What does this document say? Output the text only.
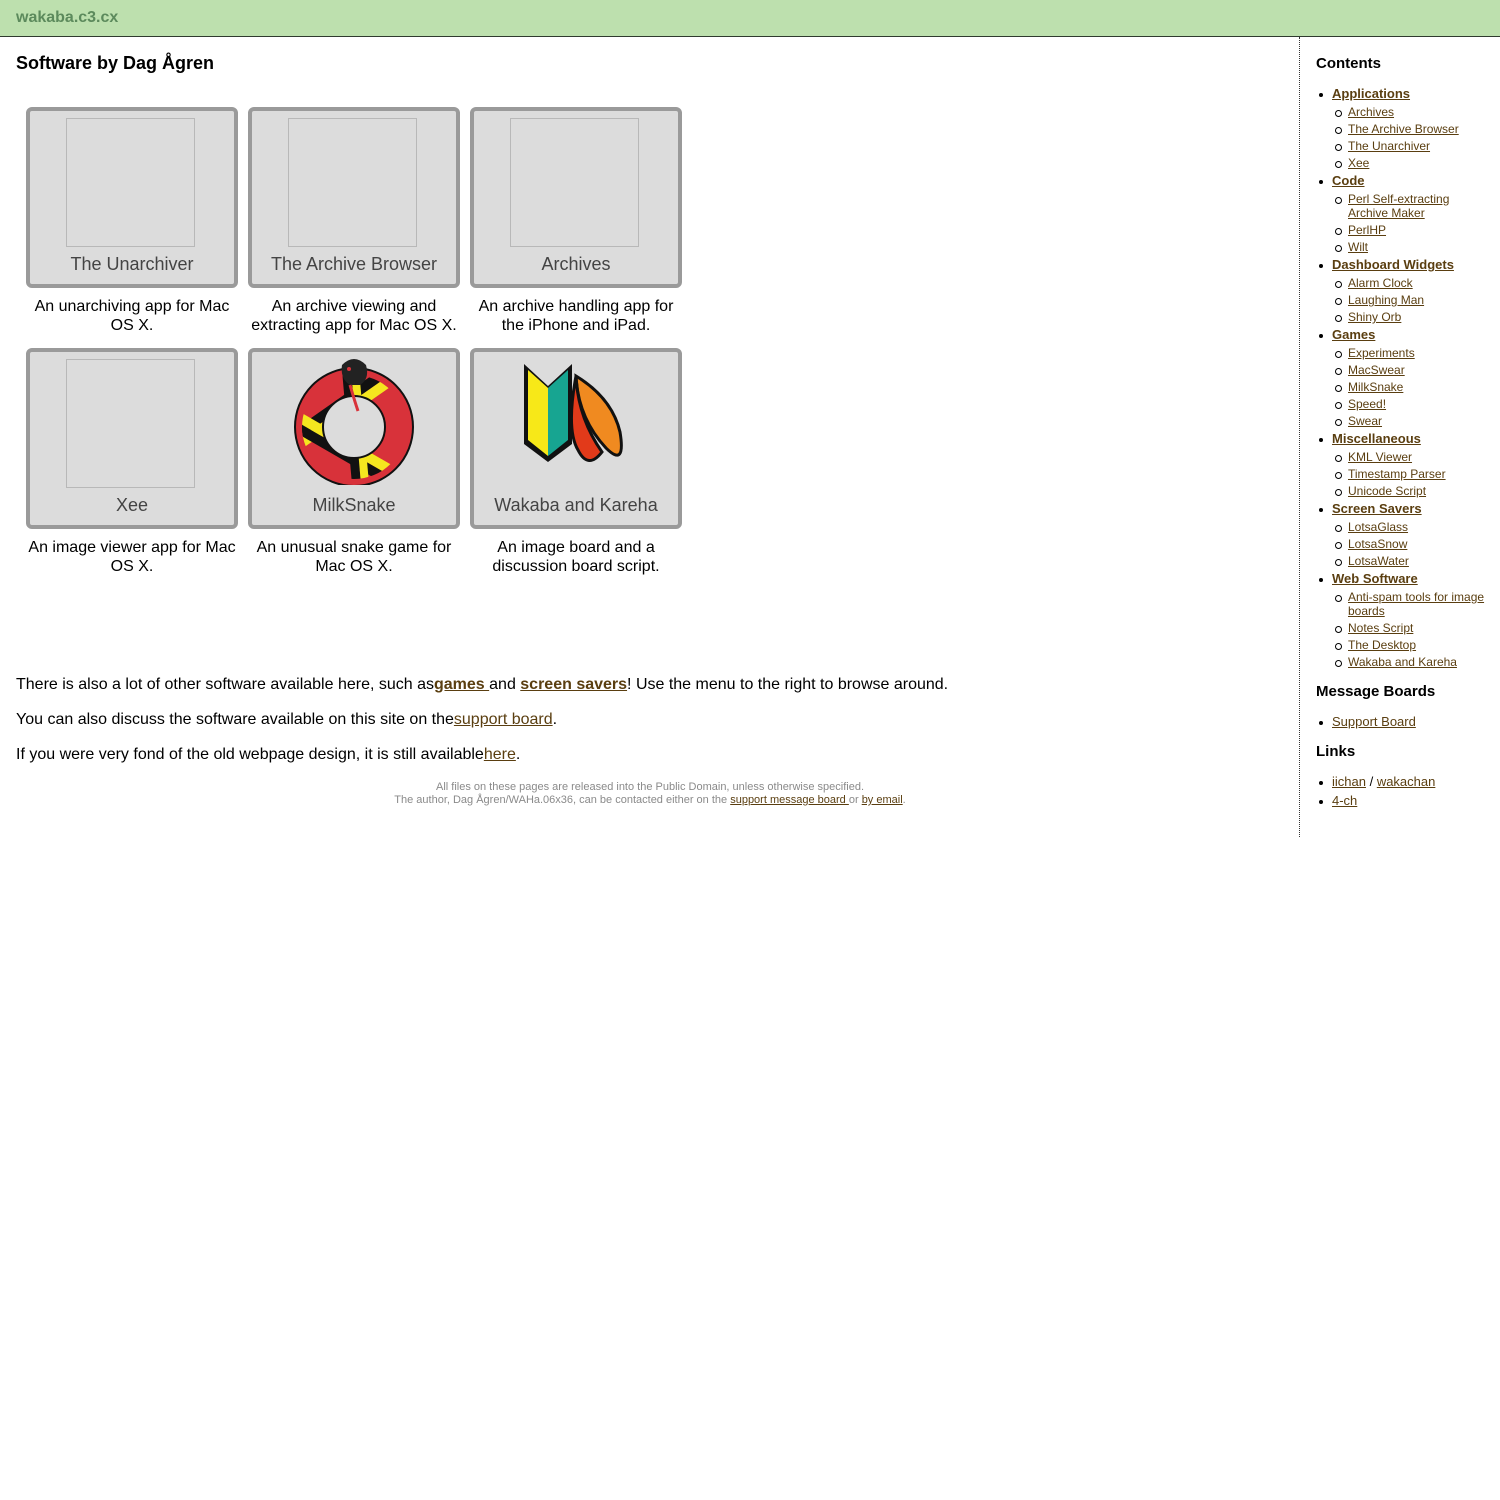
wakaba.c3.cx
Software by Dag Ågren
The Unarchiver
An unarchiving app for Mac OS X.
The Archive Browser
An archive viewing and extracting app for Mac OS X.
Archives
An archive handling app for the iPhone and iPad.
Xee
An image viewer app for Mac OS X.
MilkSnake
An unusual snake game for Mac OS X.
Wakaba and Kareha
An image board and a discussion board script.
There is also a lot of other software available here, such asgames and screen savers! Use the menu to the right to browse around.
You can also discuss the software available on this site on thesupport board.
If you were very fond of the old webpage design, it is still availablehere.
All files on these pages are released into the Public Domain, unless otherwise specified.
The author, Dag Ågren/WAHa.06x36, can be contacted either on the support message board or by email.
Contents
Applications
Archives
The Archive Browser
The Unarchiver
Xee
Code
Perl Self-extracting Archive Maker
PerlHP
Wilt
Dashboard Widgets
Alarm Clock
Laughing Man
Shiny Orb
Games
Experiments
MacSwear
MilkSnake
Speed!
Swear
Miscellaneous
KML Viewer
Timestamp Parser
Unicode Script
Screen Savers
LotsaGlass
LotsaSnow
LotsaWater
Web Software
Anti-spam tools for image boards
Notes Script
The Desktop
Wakaba and Kareha
Message Boards
Support Board
Links
iichan / wakachan
4-ch
